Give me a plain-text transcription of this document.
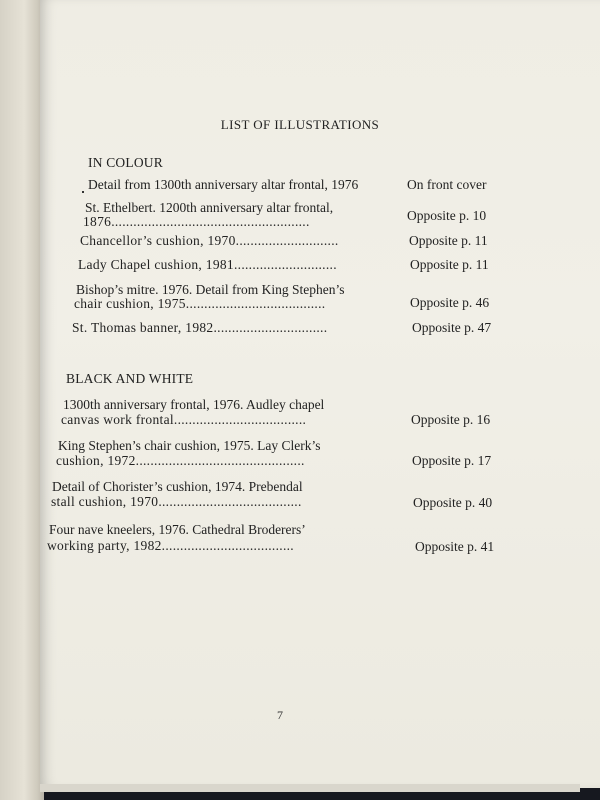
LIST OF ILLUSTRATIONS
IN COLOUR
Detail from 1300th anniversary altar frontal, 1976	On front cover
St. Ethelbert. 1200th anniversary altar frontal,
1876......................................................	Opposite p. 10
Chancellor’s cushion, 1970............................	Opposite p. 11
Lady Chapel cushion, 1981............................	Opposite p. 11
Bishop’s mitre. 1976. Detail from King Stephen’s
chair cushion, 1975......................................	Opposite p. 46
St. Thomas banner, 1982...............................	Opposite p. 47
BLACK AND WHITE
1300th anniversary frontal, 1976. Audley chapel
canvas work frontal....................................	Opposite p. 16
King Stephen’s chair cushion, 1975. Lay Clerk’s
cushion, 1972..............................................	Opposite p. 17
Detail of Chorister’s cushion, 1974. Prebendal
stall cushion, 1970.......................................	Opposite p. 40
Four nave kneelers, 1976. Cathedral Broderers’
working party, 1982....................................	Opposite p. 41
7
